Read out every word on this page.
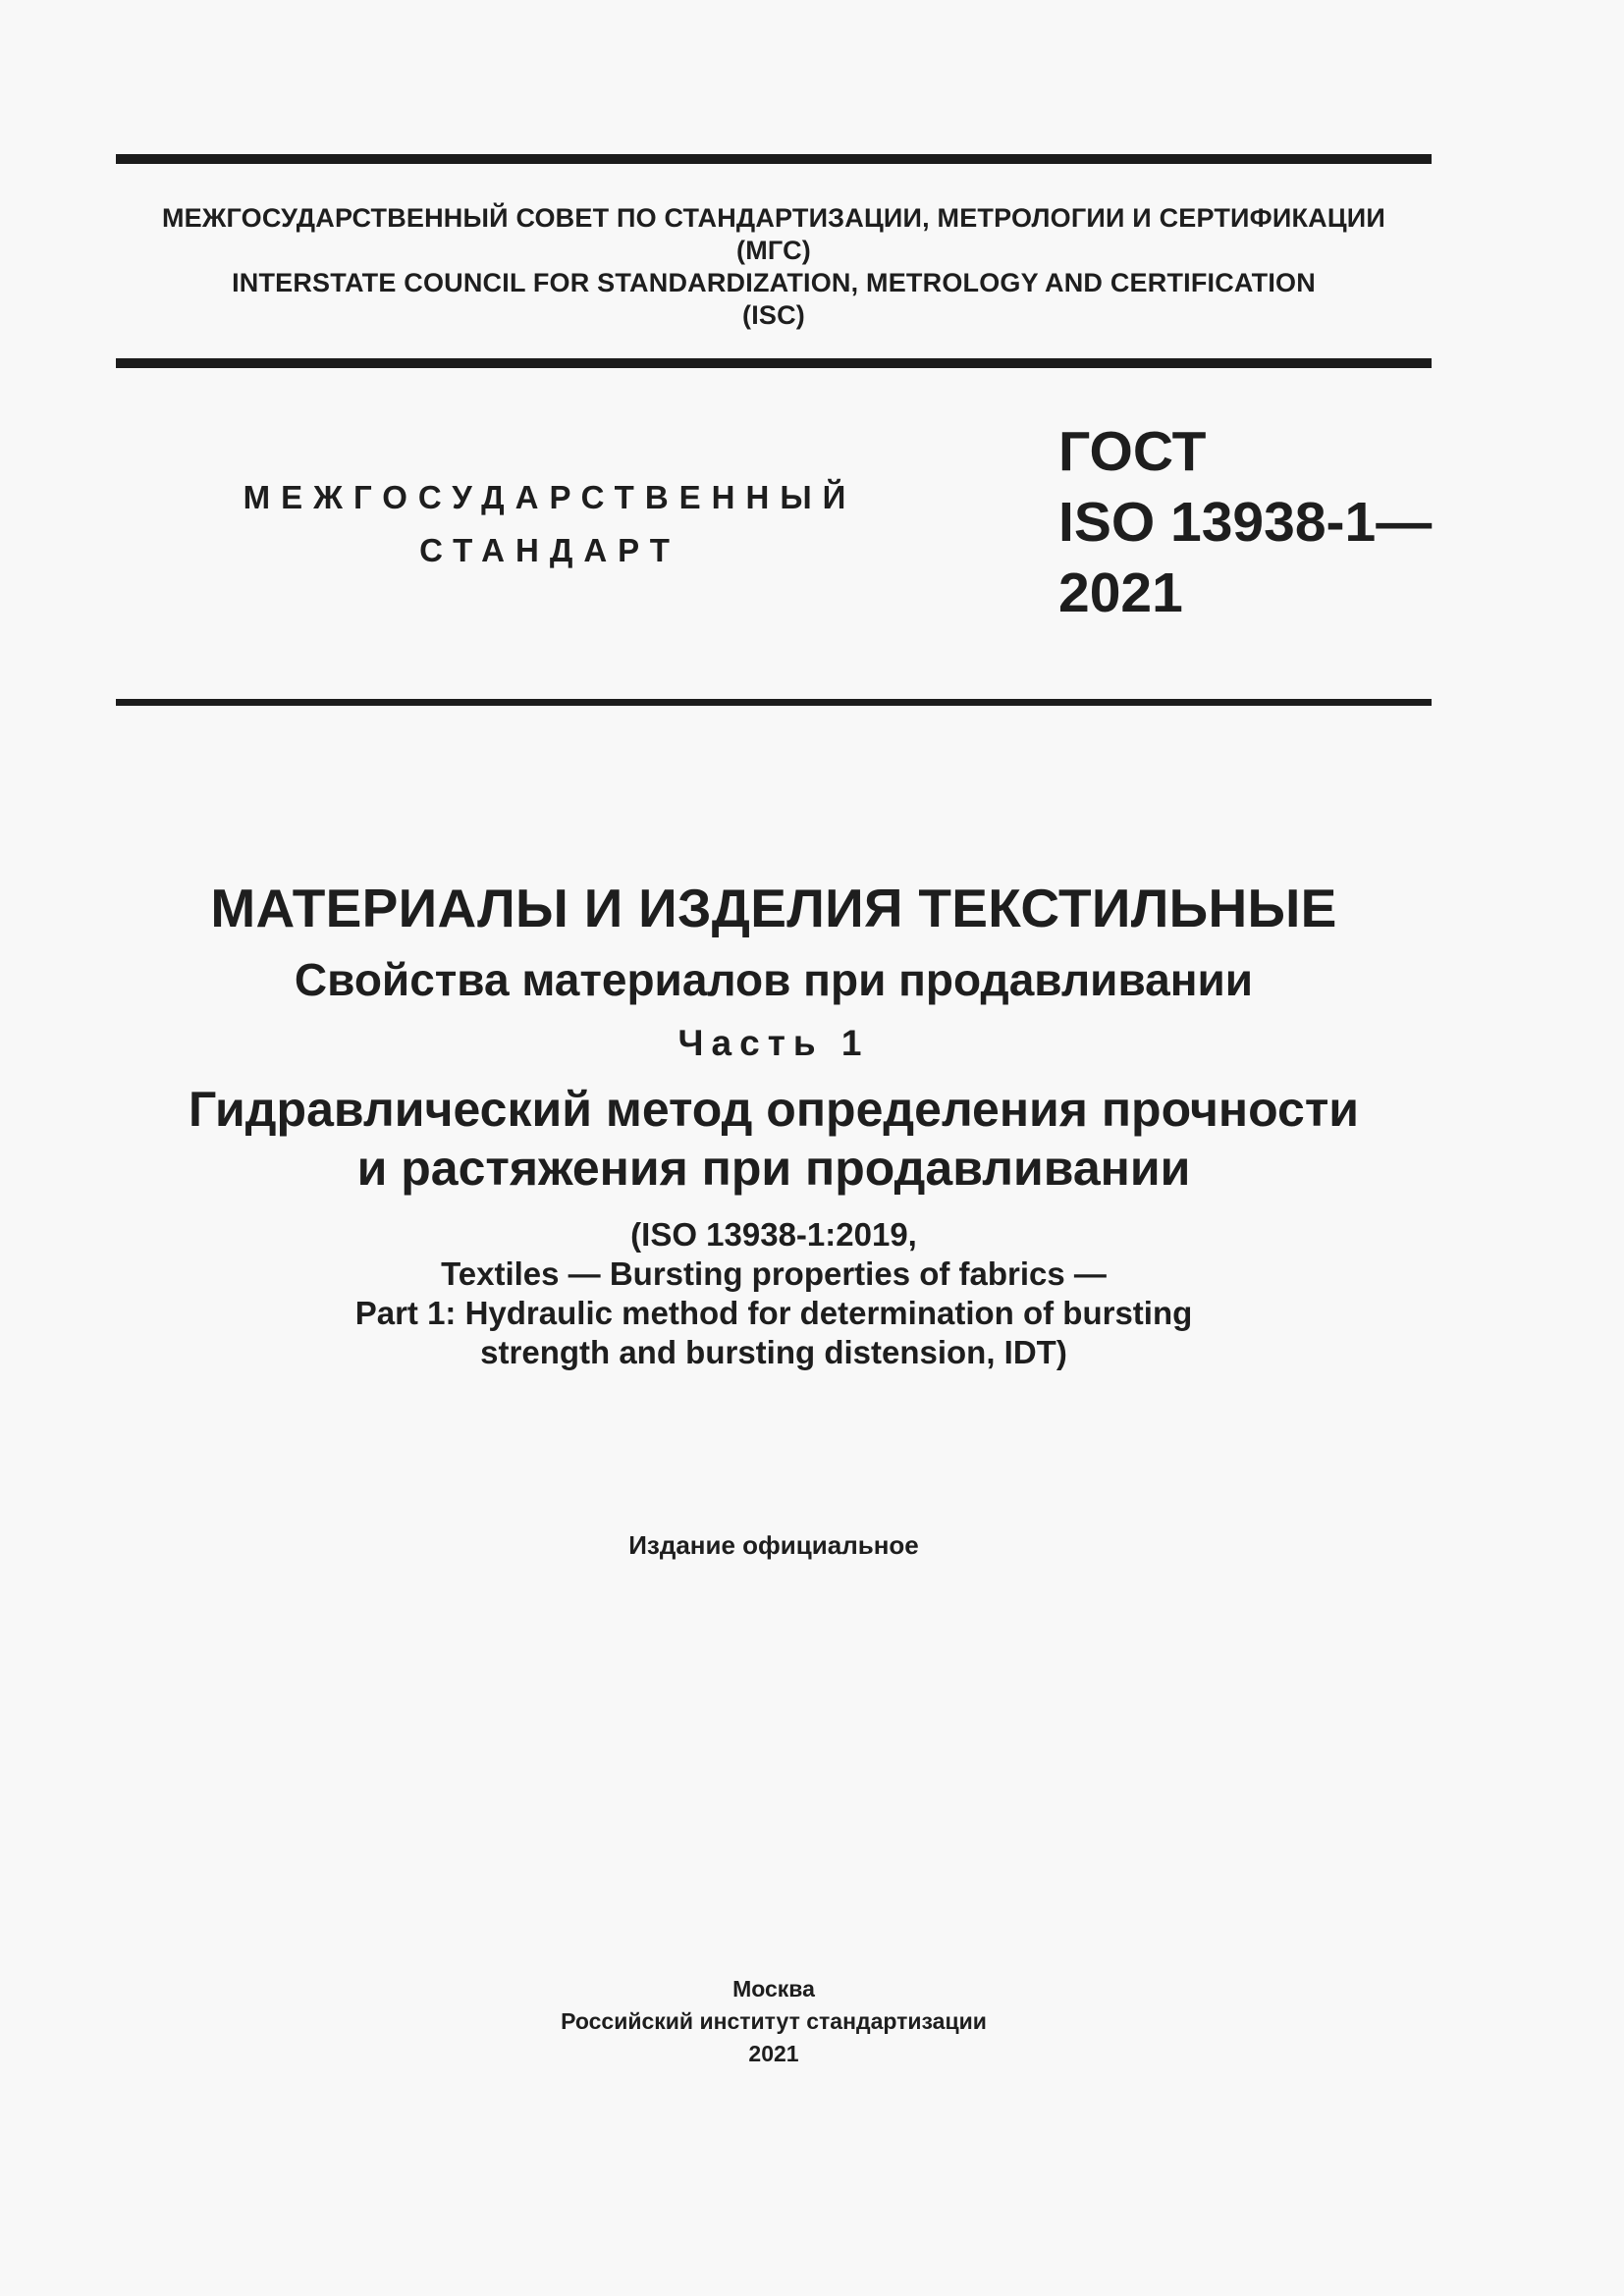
МЕЖГОСУДАРСТВЕННЫЙ СОВЕТ ПО СТАНДАРТИЗАЦИИ, МЕТРОЛОГИИ И СЕРТИФИКАЦИИ
(МГС)
INTERSTATE COUNCIL FOR STANDARDIZATION, METROLOGY AND CERTIFICATION
(ISC)
МЕЖГОСУДАРСТВЕННЫЙ
СТАНДАРТ
ГОСТ
ISO 13938-1—
2021
МАТЕРИАЛЫ И ИЗДЕЛИЯ ТЕКСТИЛЬНЫЕ
Свойства материалов при продавливании
Часть 1
Гидравлический метод определения прочности
и растяжения при продавливании
(ISO 13938-1:2019,
Textiles — Bursting properties of fabrics —
Part 1: Hydraulic method for determination of bursting
strength and bursting distension, IDT)
Издание официальное
Москва
Российский институт стандартизации
2021
